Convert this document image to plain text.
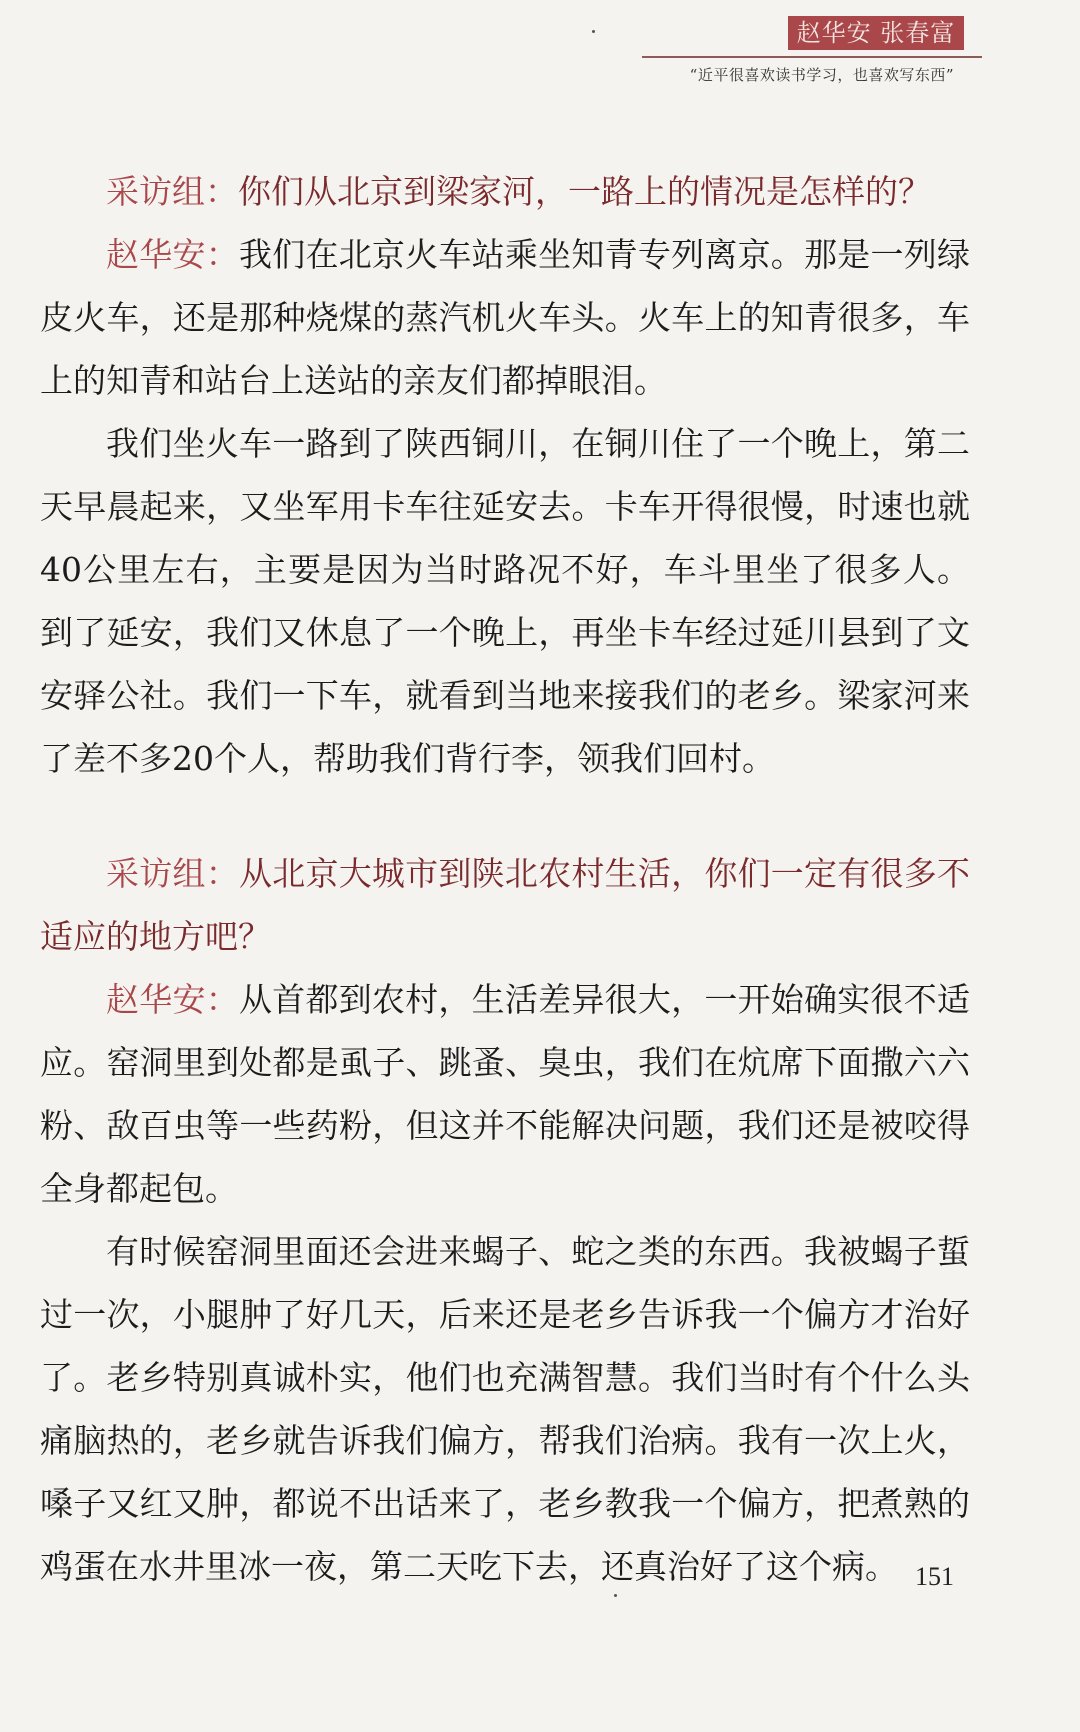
赵华安 张春富
“近平很喜欢读书学习，也喜欢写东西”

采访组：你们从北京到梁家河，一路上的情况是怎样的？

赵华安：我们在北京火车站乘坐知青专列离京。那是一列绿皮火车，还是那种烧煤的蒸汽机火车头。火车上的知青很多，车上的知青和站台上送站的亲友们都掉眼泪。

我们坐火车一路到了陕西铜川，在铜川住了一个晚上，第二天早晨起来，又坐军用卡车往延安去。卡车开得很慢，时速也就40公里左右，主要是因为当时路况不好，车斗里坐了很多人。到了延安，我们又休息了一个晚上，再坐卡车经过延川县到了文安驿公社。我们一下车，就看到当地来接我们的老乡。梁家河来了差不多20个人，帮助我们背行李，领我们回村。

采访组：从北京大城市到陕北农村生活，你们一定有很多不适应的地方吧？

赵华安：从首都到农村，生活差异很大，一开始确实很不适应。窑洞里到处都是虱子、跳蚤、臭虫，我们在炕席下面撒六六粉、敌百虫等一些药粉，但这并不能解决问题，我们还是被咬得全身都起包。

有时候窑洞里面还会进来蝎子、蛇之类的东西。我被蝎子蜇过一次，小腿肿了好几天，后来还是老乡告诉我一个偏方才治好了。老乡特别真诚朴实，他们也充满智慧。我们当时有个什么头痛脑热的，老乡就告诉我们偏方，帮我们治病。我有一次上火，嗓子又红又肿，都说不出话来了，老乡教我一个偏方，把煮熟的鸡蛋在水井里冰一夜，第二天吃下去，还真治好了这个病。 151
